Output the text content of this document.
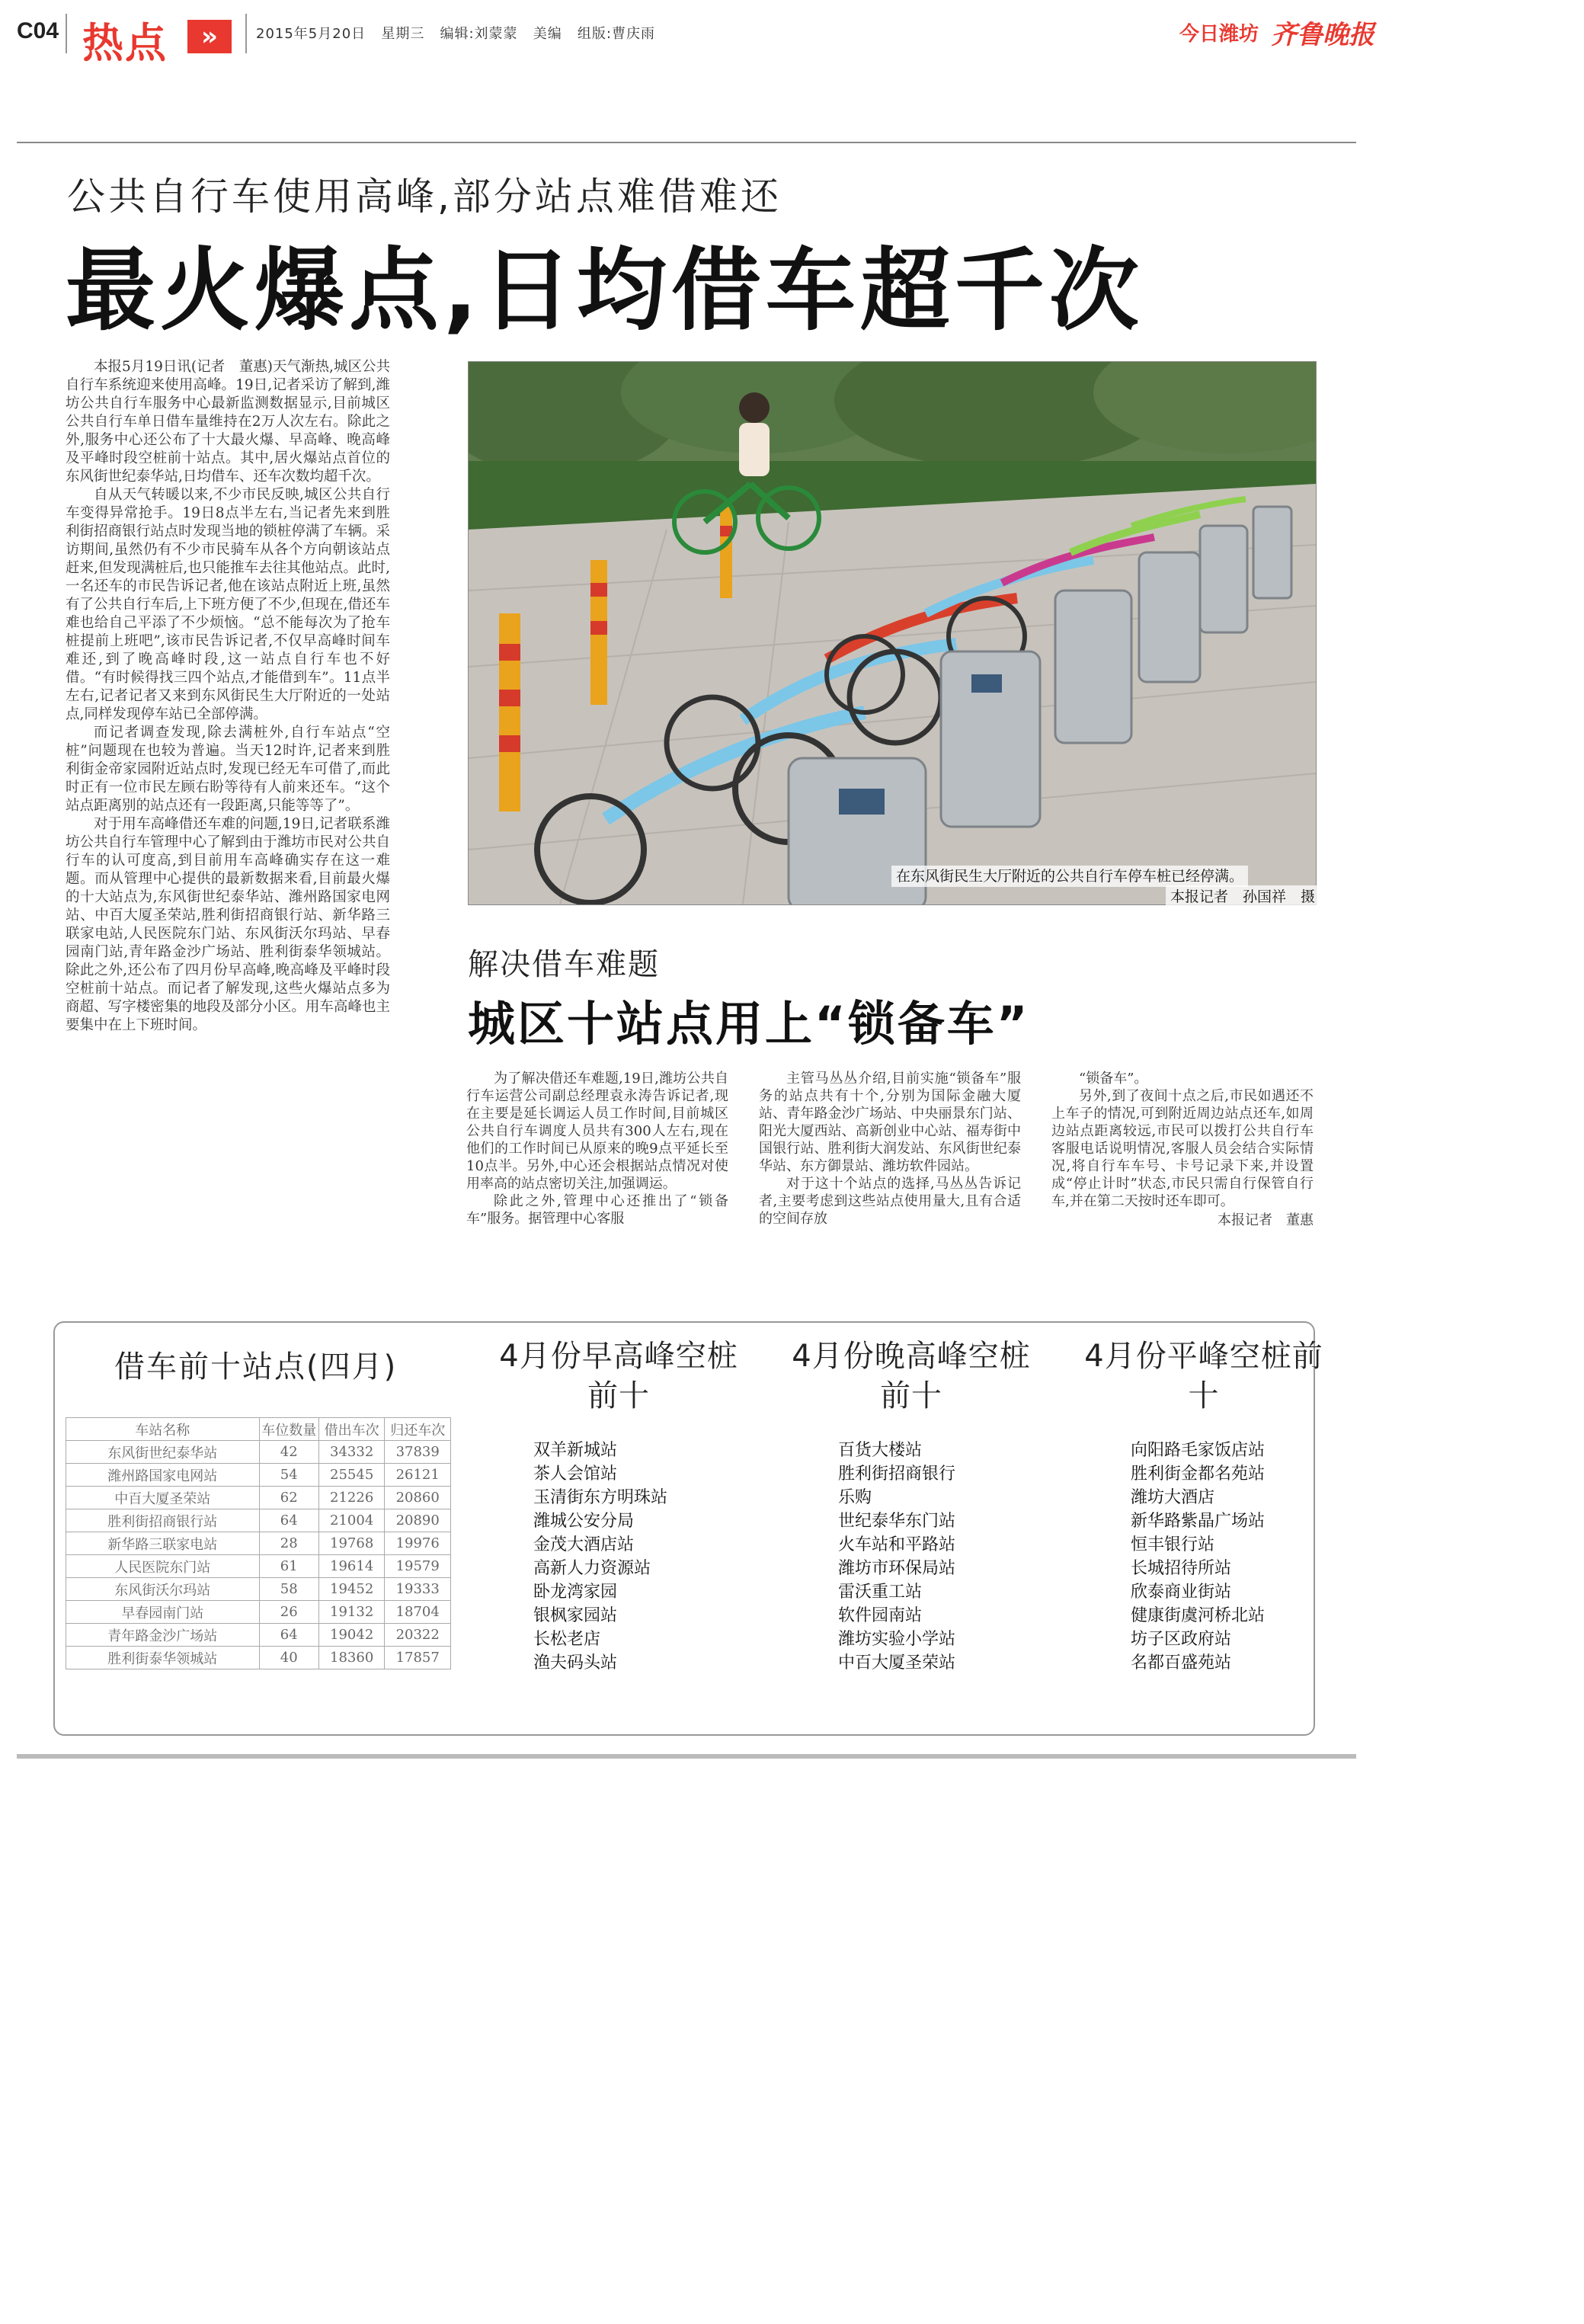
C04 热点	»	2015年5月20日   星期三   编辑:刘蒙蒙   美编   组版:曹庆雨	今日潍坊 齐鲁晚报
公共自行车使用高峰,部分站点难借难还
最火爆点,日均借车超千次

本报5月19日讯(记者　董惠)天气渐热,城区公共自行车系统迎来使用高峰。19日,记者采访了解到,潍坊公共自行车服务中心最新监测数据显示,目前城区公共自行车单日借车量维持在2万人次左右。除此之外,服务中心还公布了十大最火爆、早高峰、晚高峰及平峰时段空桩前十站点。其中,居火爆站点首位的东风街世纪泰华站,日均借车、还车次数均超千次。

自从天气转暖以来,不少市民反映,城区公共自行车变得异常抢手。19日8点半左右,当记者先来到胜利街招商银行站点时发现当地的锁桩停满了车辆。采访期间,虽然仍有不少市民骑车从各个方向朝该站点赶来,但发现满桩后,也只能推车去往其他站点。此时,一名还车的市民告诉记者,他在该站点附近上班,虽然有了公共自行车后,上下班方便了不少,但现在,借还车难也给自己平添了不少烦恼。“总不能每次为了抢车桩提前上班吧”,该市民告诉记者,不仅早高峰时间车难还,到了晚高峰时段,这一站点自行车也不好借。“有时候得找三四个站点,才能借到车”。11点半左右,记者记者又来到东风街民生大厅附近的一处站点,同样发现停车站已全部停满。

而记者调查发现,除去满桩外,自行车站点“空桩”问题现在也较为普遍。当天12时许,记者来到胜利街金帝家园附近站点时,发现已经无车可借了,而此时正有一位市民左顾右盼等待有人前来还车。“这个站点距离别的站点还有一段距离,只能等等了”。

对于用车高峰借还车难的问题,19日,记者联系潍坊公共自行车管理中心了解到由于潍坊市民对公共自行车的认可度高,到目前用车高峰确实存在这一难题。而从管理中心提供的最新数据来看,目前最火爆的十大站点为,东风街世纪泰华站、潍州路国家电网站、中百大厦圣荣站,胜利街招商银行站、新华路三联家电站,人民医院东门站、东风街沃尔玛站、早春园南门站,青年路金沙广场站、胜利街泰华领城站。除此之外,还公布了四月份早高峰,晚高峰及平峰时段空桩前十站点。而记者了解发现,这些火爆站点多为商超、写字楼密集的地段及部分小区。用车高峰也主要集中在上下班时间。

在东风街民生大厅附近的公共自行车停车桩已经停满。
本报记者　孙国祥　摄
解决借车难题
城区十站点用上“锁备车”

为了解决借还车难题,19日,潍坊公共自行车运营公司副总经理袁永涛告诉记者,现在主要是延长调运人员工作时间,目前城区公共自行车调度人员共有300人左右,现在他们的工作时间已从原来的晚9点平延长至10点半。另外,中心还会根据站点情况对使用率高的站点密切关注,加强调运。

除此之外,管理中心还推出了“锁备车”服务。据管理中心客服

主管马丛丛介绍,目前实施“锁备车”服务的站点共有十个,分别为国际金融大厦站、青年路金沙广场站、中央丽景东门站、阳光大厦西站、高新创业中心站、福寿街中国银行站、胜利街大润发站、东风街世纪泰华站、东方御景站、潍坊软件园站。

对于这十个站点的选择,马丛丛告诉记者,主要考虑到这些站点使用量大,且有合适的空间存放

“锁备车”。

另外,到了夜间十点之后,市民如遇还不上车子的情况,可到附近周边站点还车,如周边站点距离较远,市民可以拨打公共自行车客服电话说明情况,客服人员会结合实际情况,将自行车车号、卡号记录下来,并设置成“停止计时”状态,市民只需自行保管自行车,并在第二天按时还车即可。

本报记者　董惠
借车前十站点(四月)
车站名称	车位数量	借出车次	归还车次
东风街世纪泰华站	42	34332	37839
潍州路国家电网站	54	25545	26121
中百大厦圣荣站	62	21226	20860
胜利街招商银行站	64	21004	20890
新华路三联家电站	28	19768	19976
人民医院东门站	61	19614	19579
东风街沃尔玛站	58	19452	19333
早春园南门站	26	19132	18704
青年路金沙广场站	64	19042	20322
胜利街泰华领城站	40	18360	17857
4月份早高峰空桩前十
4月份晚高峰空桩前十
4月份平峰空桩前十
双羊新城站
茶人会馆站
玉清街东方明珠站
潍城公安分局
金茂大酒店站
高新人力资源站
卧龙湾家园
银枫家园站
长松老店
渔夫码头站
百货大楼站
胜利街招商银行
乐购
世纪泰华东门站
火车站和平路站
潍坊市环保局站
雷沃重工站
软件园南站
潍坊实验小学站
中百大厦圣荣站
向阳路毛家饭店站
胜利街金都名苑站
潍坊大酒店
新华路紫晶广场站
恒丰银行站
长城招待所站
欣泰商业街站
健康街虞河桥北站
坊子区政府站
名都百盛苑站
